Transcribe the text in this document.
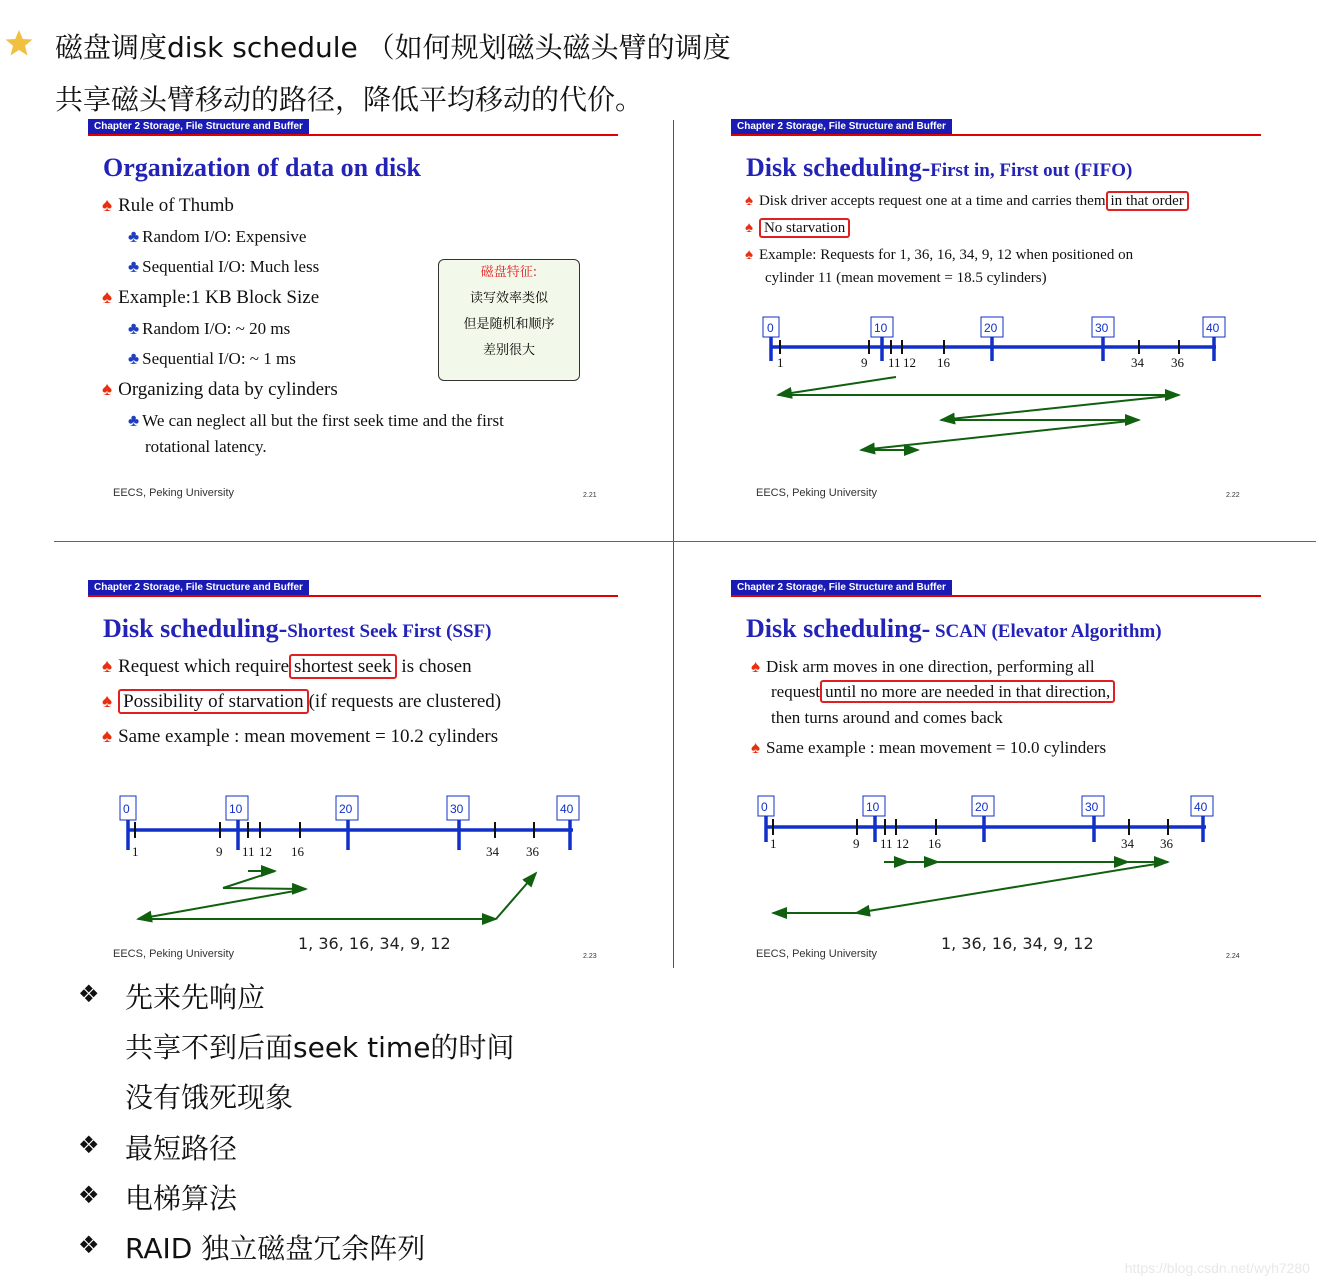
磁盘调度disk schedule （如何规划磁头磁头臂的调度
共享磁头臂移动的路径，降低平均移动的代价。
Chapter 2 Storage, File Structure and Buffer
Organization of data on disk
♠ Rule of Thumb
♣ Random I/O: Expensive
♣ Sequential I/O: Much less
♠ Example:1 KB Block Size
♣ Random I/O: ~ 20 ms
♣ Sequential I/O: ~ 1 ms
♠ Organizing data by cylinders
♣ We can neglect all but the first seek time and the first
rotational latency.
磁盘特征:
读写效率类似
但是随机和顺序
差别很大
EECS, Peking University	2.21
Chapter 2 Storage, File Structure and Buffer
Disk scheduling-First in, First out (FIFO)
♠ Disk driver accepts request one at a time and carries them in that order
♠ No starvation
♠ Example: Requests for 1, 36, 16, 34, 9, 12 when positioned on
cylinder 11 (mean movement = 18.5 cylinders)
0	10	20	30	40
1	9 11 12 16	34 36
EECS, Peking University	2.22
Chapter 2 Storage, File Structure and Buffer
Disk scheduling-Shortest Seek First (SSF)
♠ Request which require shortest seek is chosen
♠ Possibility of starvation (if requests are clustered)
♠ Same example : mean movement = 10.2 cylinders
0	10	20	30	40
1	9 11 12 16	34 36
1, 36, 16, 34, 9, 12
EECS, Peking University	2.23
Chapter 2 Storage, File Structure and Buffer
Disk scheduling- SCAN (Elevator Algorithm)
♠ Disk arm moves in one direction, performing all
request until no more are needed in that direction,
then turns around and comes back
♠ Same example : mean movement = 10.0 cylinders
0	10	20	30	40
1	9 11 12 16	34 36
1, 36, 16, 34, 9, 12
EECS, Peking University	2.24
❖ 先来先响应
共享不到后面seek time的时间
没有饿死现象
❖ 最短路径
❖ 电梯算法
❖ RAID 独立磁盘冗余阵列
https://blog.csdn.net/wyh7280
